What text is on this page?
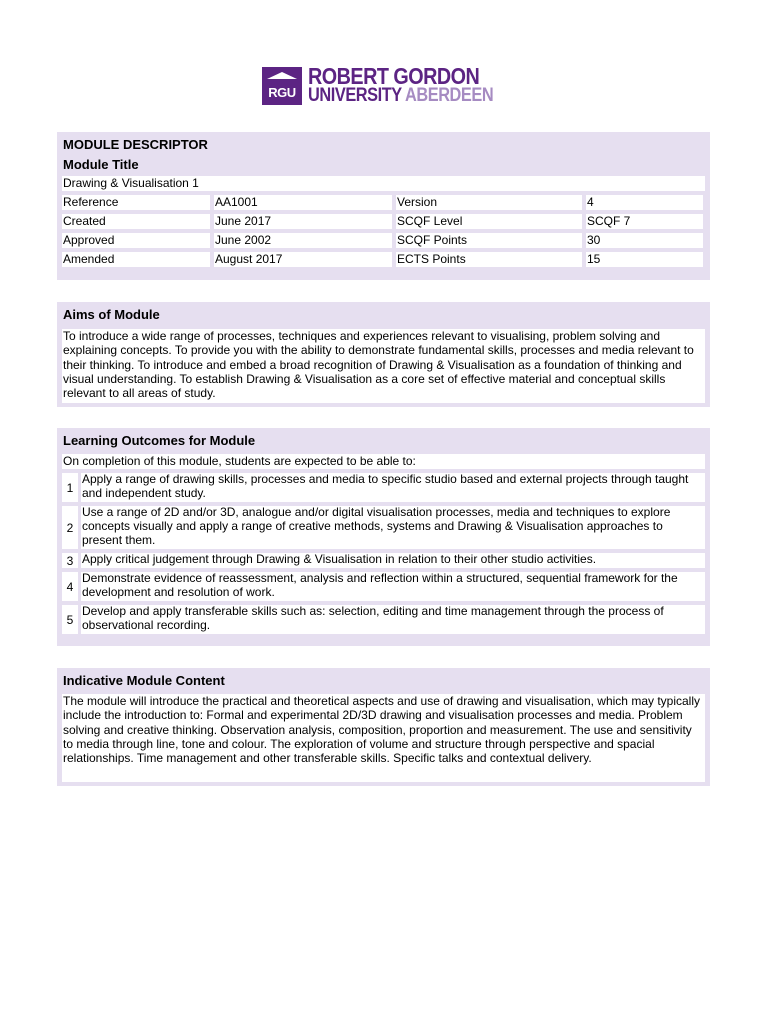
RGU
ROBERT GORDON
UNIVERSITY ABERDEEN
MODULE DESCRIPTOR
Module Title
Drawing & Visualisation 1
Reference	AA1001	Version	4
Created	June 2017	SCQF Level	SCQF 7
Approved	June 2002	SCQF Points	30
Amended	August 2017	ECTS Points	15
Aims of Module
To introduce a wide range of processes, techniques and experiences relevant to visualising, problem solving and explaining concepts. To provide you with the ability to demonstrate fundamental skills, processes and media relevant to their thinking. To introduce and embed a broad recognition of Drawing & Visualisation as a foundation of thinking and visual understanding. To establish Drawing & Visualisation as a core set of effective material and conceptual skills relevant to all areas of study.
Learning Outcomes for Module
On completion of this module, students are expected to be able to:
1
Apply a range of drawing skills, processes and media to specific studio based and external projects through taught and independent study.
2
Use a range of 2D and/or 3D, analogue and/or digital visualisation processes, media and techniques to explore concepts visually and apply a range of creative methods, systems and Drawing & Visualisation approaches to present them.
3 Apply critical judgement through Drawing & Visualisation in relation to their other studio activities.
4
Demonstrate evidence of reassessment, analysis and reflection within a structured, sequential framework for the development and resolution of work.
5
Develop and apply transferable skills such as: selection, editing and time management through the process of observational recording.
Indicative Module Content
The module will introduce the practical and theoretical aspects and use of drawing and visualisation, which may typically include the introduction to: Formal and experimental 2D/3D drawing and visualisation processes and media. Problem solving and creative thinking. Observation analysis, composition, proportion and measurement. The use and sensitivity to media through line, tone and colour. The exploration of volume and structure through perspective and spacial relationships. Time management and other transferable skills. Specific talks and contextual delivery.
